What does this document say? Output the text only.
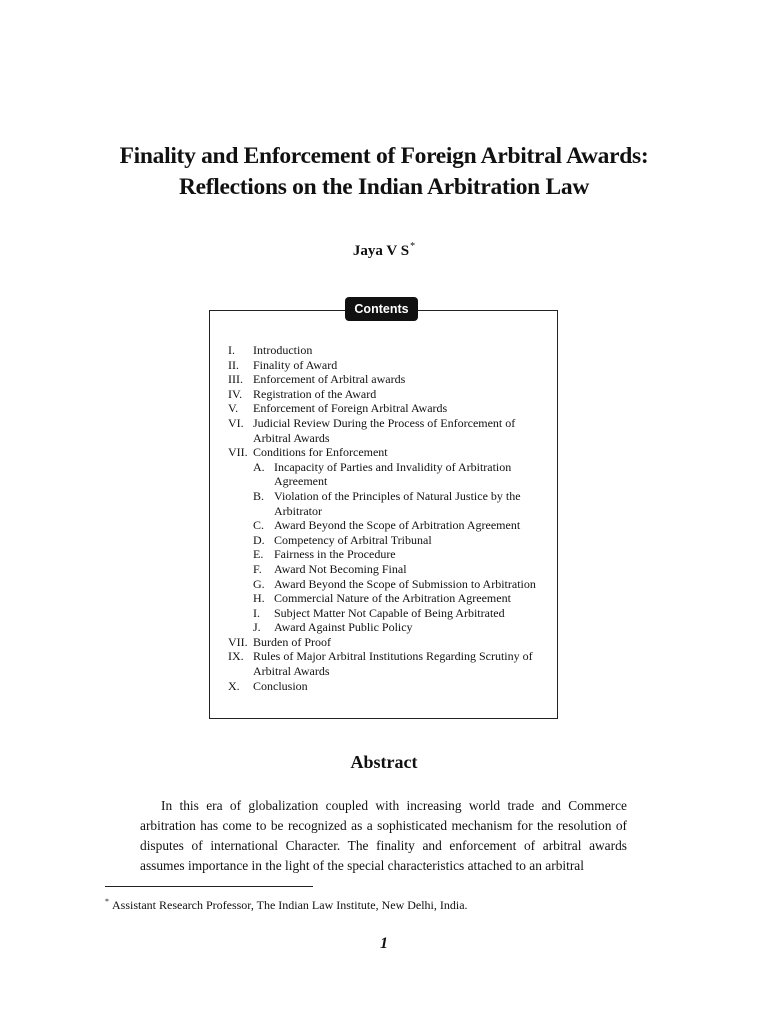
Finality and Enforcement of Foreign Arbitral Awards:
Reflections on the Indian Arbitration Law
Jaya V S*
Contents
I.	Introduction
II.	Finality of Award
III. Enforcement of Arbitral awards
IV. Registration of the Award
V.	Enforcement of Foreign Arbitral Awards
VI. Judicial Review During the Process of Enforcement of Arbitral Awards
VII. Conditions for Enforcement
A. Incapacity of Parties and Invalidity of Arbitration Agreement
B. Violation of the Principles of Natural Justice by the Arbitrator
C. Award Beyond the Scope of Arbitration Agreement
D. Competency of Arbitral Tribunal
E. Fairness in the Procedure
F.	Award Not Becoming Final
G. Award Beyond the Scope of Submission to Arbitration
H. Commercial Nature of the Arbitration Agreement
I.	Subject Matter Not Capable of Being Arbitrated
J.	Award Against Public Policy
VII. Burden of Proof
IX. Rules of Major Arbitral Institutions Regarding Scrutiny of Arbitral Awards
X.	Conclusion
Abstract

In this era of globalization coupled with increasing world trade and Commerce arbitration has come to be recognized as a sophisticated mechanism for the resolution of disputes of international Character. The finality and enforcement of arbitral awards assumes importance in the light of the special characteristics attached to an arbitral

* Assistant Research Professor, The Indian Law Institute, New Delhi, India.
1
